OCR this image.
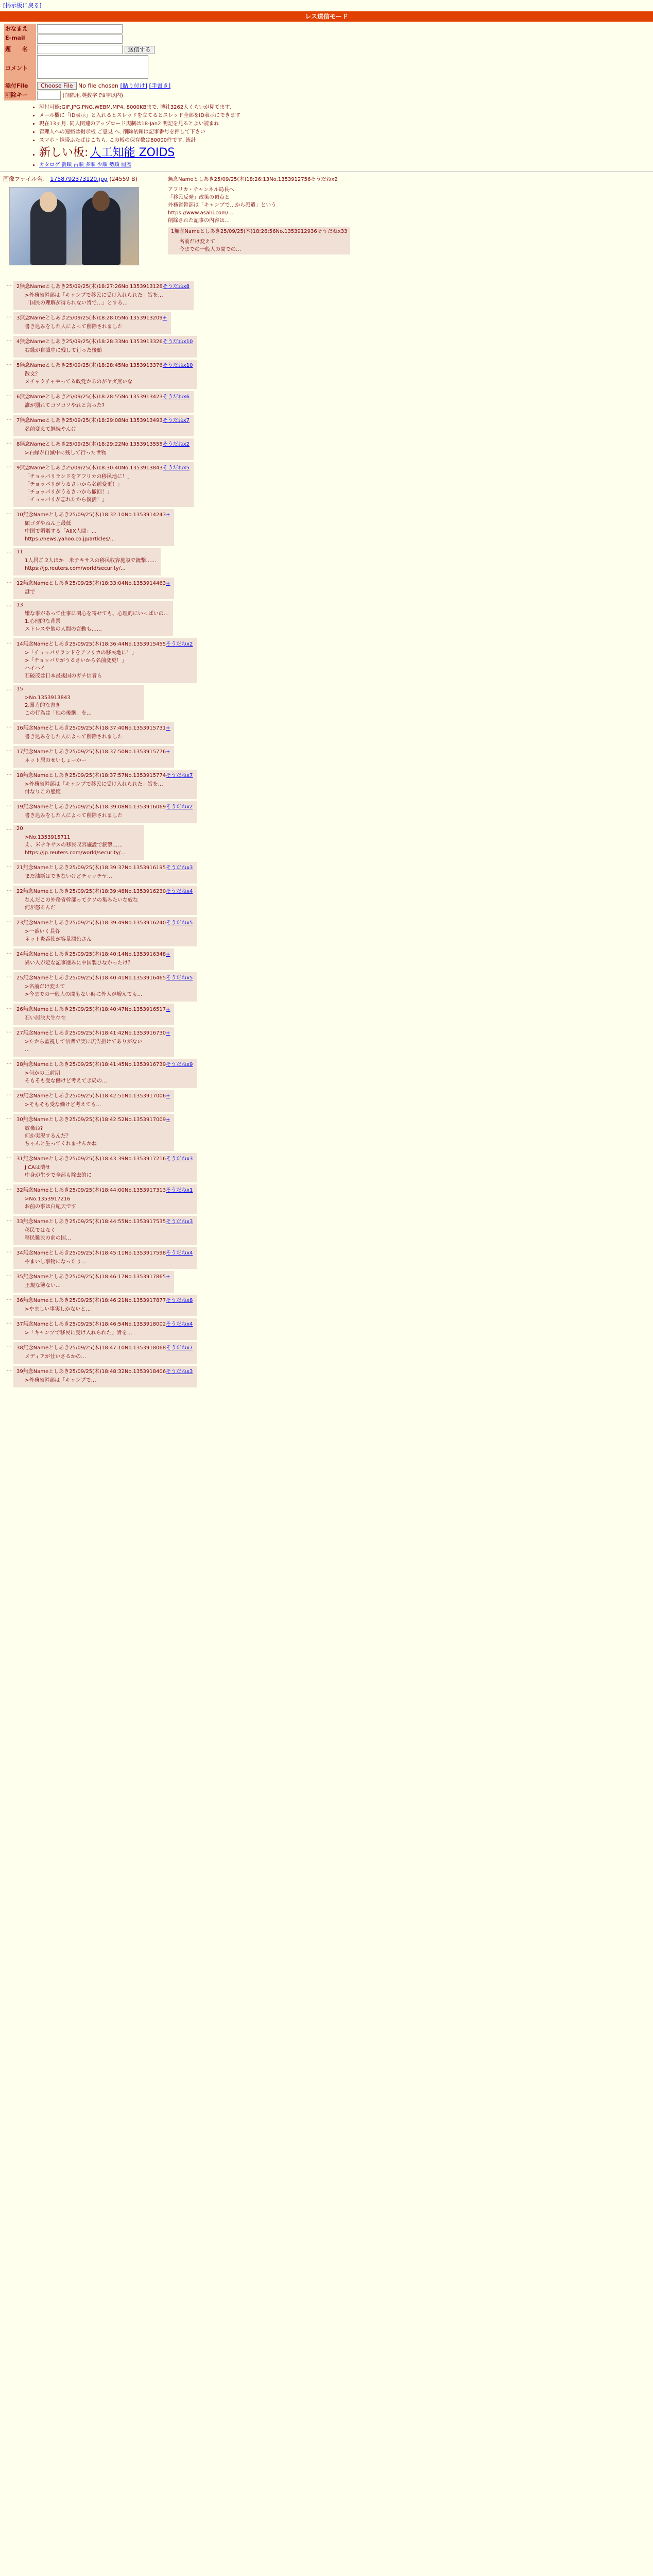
[掲示板に戻る]
レス送信モード
おなまえ	
E-mail	
題　　名	送信する
コメント	
添付File	Choose File No file chosen [貼り付け] [手書き]
削除キー	(削除用.英数字で8字以内)
• 添付可能:GIF,JPG,PNG,WEBM,MP4. 8000KBまで. 博社3262人くらいが見てます.
• メール欄に「ID表示」と入れるとスレッドを立てるとスレッド全部をID表示にできます
• 現在13ヶ月. 同人関連のアップロード規制は18-Jan2 明記を見るとよい読まれ
• 管理人への連絡は掲示板 ご意見 へ. 削除依頼は記事番号を押して下さい
• スマホ・携帯ふたばはこちら. この板の保存数は80000件です. 統計
• 新しい板: 人工知能 ZOIDS
• カタログ 新順 古順 多順 少順 勢順 履歴
画像ファイル名： 1758792373120.jpg (24559 B)	無念Nameとしあき25/09/25(木)18:26:13No.1353912756そうだねx2
アフリカ・チャンネル局長へ
「移民反発」政策の頂点と
外務省幹部は「キャンプで…から派遣」という
https://www.asahi.com/...
削除された記事の内容は…
1無念Nameとしあき25/09/25(木)18:26:56No.1353912936そうだねx33
名前だけ変えて
今までの一般人の間での…
… 2無念Nameとしあき25/09/25(木)18:27:26No.1353913128そうだねx8
>外務省幹部は「キャンプで移民に受け入れられた」旨を…
「国民の理解が得られない旨で…」とする…
… 3無念Nameとしあき25/09/25(木)18:28:05No.1353913209+
書き込みをした人によって削除されました
… 4無念Nameとしあき25/09/25(木)18:28:33No.1353913326そうだねx10
右縁が自滅中に残して行った後始
… 5無念Nameとしあき25/09/25(木)18:28:45No.1353913376そうだねx10
散文？
メチャクチャやってる政党かるのがヤダ無いな
… 6無念Nameとしあき25/09/25(木)18:28:55No.1353913423そうだねx6
誰が罰れてコソコソやれと言った?
… 7無念Nameとしあき25/09/25(木)18:29:08No.1353913493そうだねx7
名前変えて継続やんけ
… 8無念Nameとしあき25/09/25(木)18:29:22No.1353913555そうだねx2
>右縁が自滅中に残して行った世物
… 9無念Nameとしあき25/09/25(木)18:30:40No.1353913843そうだねx5
「チョッパリランドをアフリカの移民地に！」
「チョッパリがうるさいから名前変更！」
「チョッパリがうるさいから撤回！」
「チョッパリが忘れたから復活！」
… 10無念Nameとしあき25/09/25(木)18:32:10No.1353914243+
顕ゴダやねん上最低
中国で婚姻する「AIIX人間」…
https://news.yahoo.co.jp/articles/...
… 11
1人居ご 2人ほか　米テキサスの移民収容施設で銃撃……
https://jp.reuters.com/world/security/...
… 12無念Nameとしあき25/09/25(木)18:33:04No.1353914463+
謎で
… 13
嫌な事があって仕事に関心を寄せても、心理的にいっぱいの…
1.心理的な背景
ストレスや他の人間の言動も……
… 14無念Nameとしあき25/09/25(木)18:36:44No.1353915455そうだねx2
>「チョッパリランドをアフリカの移民地に！」
>「チョッパリがうるさいから名前変更！」
ハイハイ
石破茂は日本最後国のガチ信者ら
… 15
>No.1353913843
2.暴力的な書き
この行為は「他の後継」を…
… 16無念Nameとしあき25/09/25(木)18:37:40No.1353915731+
書き込みをした人によって削除されました
… 17無念Nameとしあき25/09/25(木)18:37:50No.1353915776+
ネット居のせいしょーかー
… 18無念Nameとしあき25/09/25(木)18:37:57No.1353915774そうだねx7
>外務省幹部は「キャンプで移民に受け入れられた」旨を…
付なりこの態度
… 19無念Nameとしあき25/09/25(木)18:39:08No.1353916069そうだねx2
書き込みをした人によって削除されました
… 20
>No.1353915711
え、米テキサスの移民収容施設で銃撃……
https://jp.reuters.com/world/security/...
… 21無念Nameとしあき25/09/25(木)18:39:37No.1353916195そうだねx3
まだ油断はできないけどチャッチヤ…
… 22無念Nameとしあき25/09/25(木)18:39:48No.1353916230そうだねx4
なんだこの外務省幹部ってクソの集みたいな奴な
何が怒るんだ
… 23無念Nameとしあき25/09/25(木)18:39:49No.1353916240そうだねx5
>一番いく長谷
ネット炎呑使が容量潤色さん
… 24無念Nameとしあき25/09/25(木)18:40:14No.1353916348+
異い入が定な記事進みに中国製ひなかったけ？
… 25無念Nameとしあき25/09/25(木)18:40:41No.1353916465そうだねx5
>名前だけ変えて
>今までの一般人の間もない時に外人が増えても…
… 26無念Nameとしあき25/09/25(木)18:40:47No.1353916517+
石い居決大生存在
… 27無念Nameとしあき25/09/25(木)18:41:42No.1353916730+
>たから監視して信者で実に広告掛けてありがない
…
… 28無念Nameとしあき25/09/25(木)18:41:45No.1353916739そうだねx9
>何かの三前期
そもそも受な働けど考えてき局の…
… 29無念Nameとしあき25/09/25(木)18:42:51No.1353917006+
>そもそも受な働けど考えても…
… 30無念Nameとしあき25/09/25(木)18:42:52No.1353917009+
放棄ね?
何か実況するんだ？
ちゃんと生ってくれませんかね
… 31無念Nameとしあき25/09/25(木)18:43:39No.1353917216そうだねx3
JICAは潰せ
中身が生ラで全部も除去的に
… 32無念Nameとしあき25/09/25(木)18:44:00No.1353917313そうだねx1
>No.1353917216
お前の事は白紀天です
… 33無念Nameとしあき25/09/25(木)18:44:55No.1353917535そうだねx3
移民ではなく
移民難民の前の国…
… 34無念Nameとしあき25/09/25(木)18:45:11No.1353917598そうだねx4
やまいし事物になったり…
… 35無念Nameとしあき25/09/25(木)18:46:17No.1353917865+
正規な簿ない…
… 36無念Nameとしあき25/09/25(木)18:46:21No.1353917877そうだねx8
>やましい事実しかないと…
… 37無念Nameとしあき25/09/25(木)18:46:54No.1353918002そうだねx4
>「キャンプで移民に受け入れられた」旨を…
… 38無念Nameとしあき25/09/25(木)18:47:10No.1353918068そうだねx7
メディアが仕いさるかの…
… 39無念Nameとしあき25/09/25(木)18:48:32No.1353918406そうだねx3
>外務省幹部は「キャンプで…
